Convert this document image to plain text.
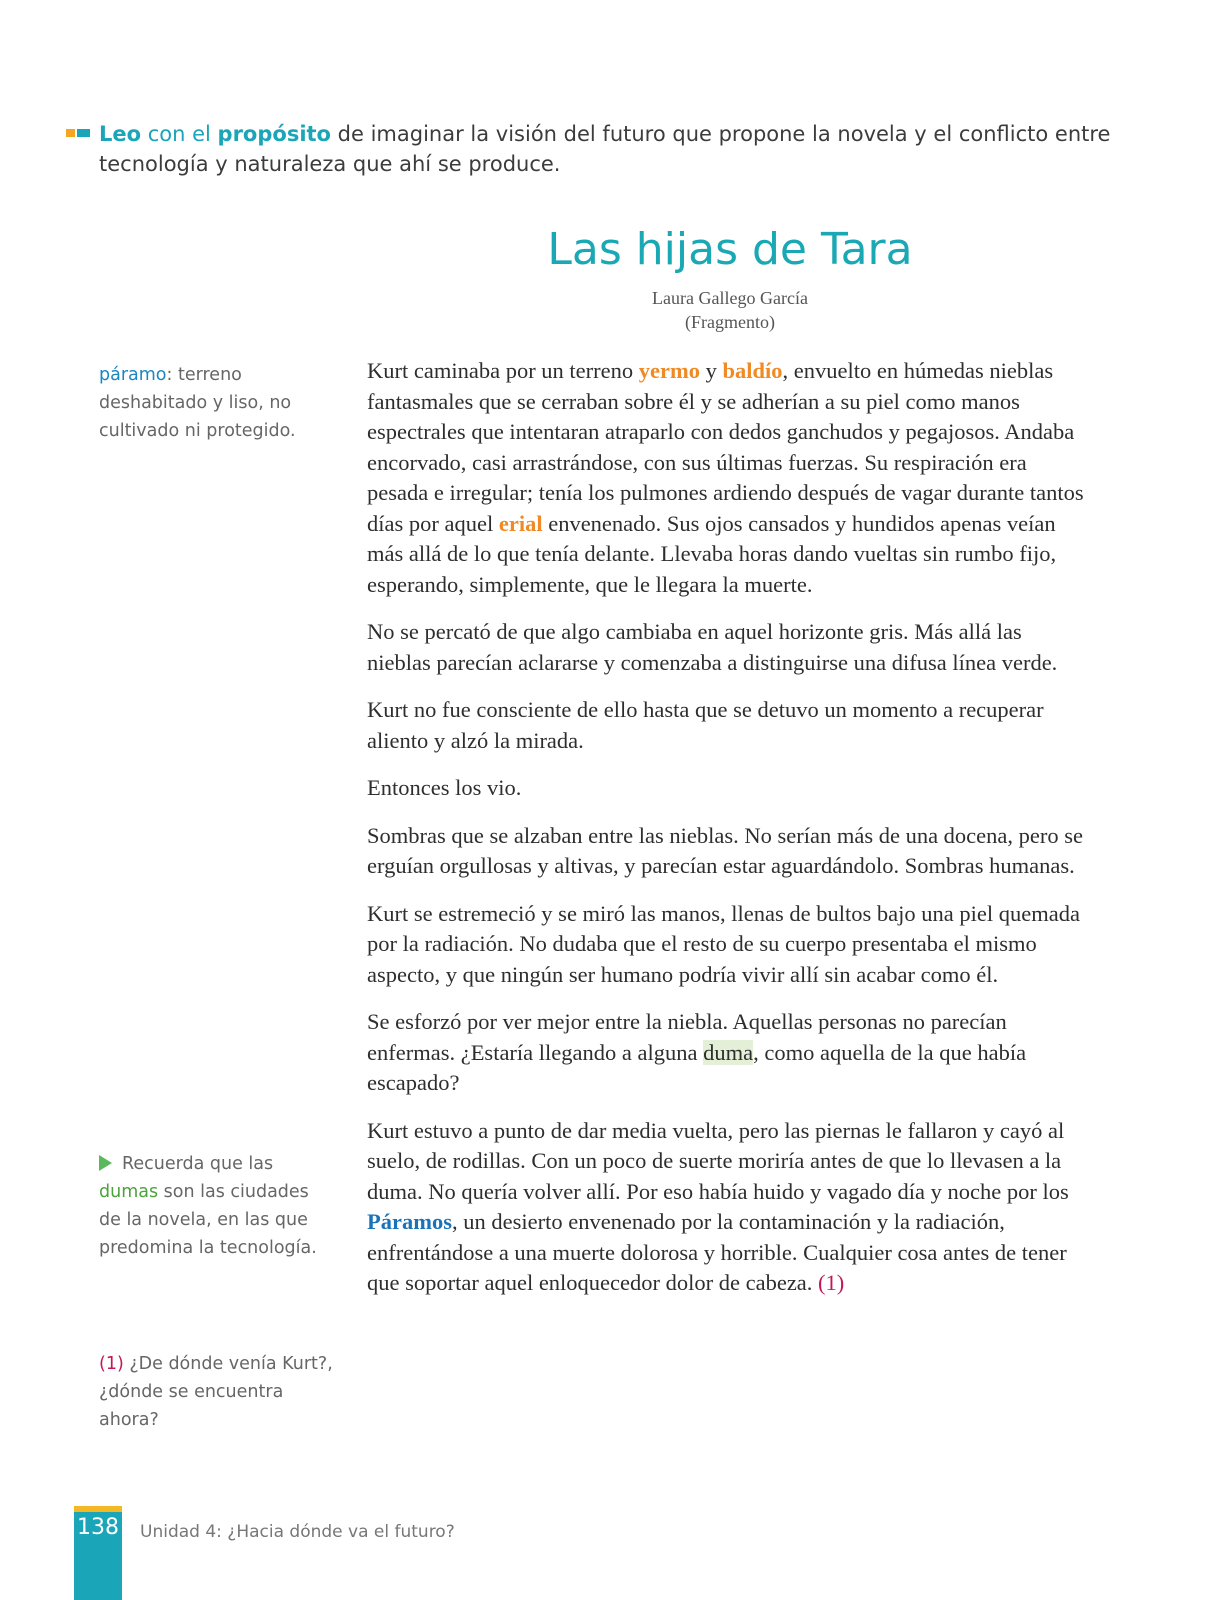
Leo con el propósito de imaginar la visión del futuro que propone la novela y el conflicto entre tecnología y naturaleza que ahí se produce.
Las hijas de Tara
Laura Gallego García
(Fragmento)
páramo: terreno deshabitado y liso, no cultivado ni protegido.
Recuerda que las dumas son las ciudades de la novela, en las que predomina la tecnología.
(1) ¿De dónde venía Kurt?, ¿dónde se encuentra ahora?

Kurt caminaba por un terreno yermo y baldío, envuelto en húmedas nieblas fantasmales que se cerraban sobre él y se adherían a su piel como manos espectrales que intentaran atraparlo con dedos ganchudos y pegajosos. Andaba encorvado, casi arrastrándose, con sus últimas fuerzas. Su respiración era pesada e irregular; tenía los pulmones ardiendo después de vagar durante tantos días por aquel erial envenenado. Sus ojos cansados y hundidos apenas veían más allá de lo que tenía delante. Llevaba horas dando vueltas sin rumbo fijo, esperando, simplemente, que le llegara la muerte.

No se percató de que algo cambiaba en aquel horizonte gris. Más allá las nieblas parecían aclararse y comenzaba a distinguirse una difusa línea verde.

Kurt no fue consciente de ello hasta que se detuvo un momento a recuperar aliento y alzó la mirada.

Entonces los vio.

Sombras que se alzaban entre las nieblas. No serían más de una docena, pero se erguían orgullosas y altivas, y parecían estar aguardándolo. Sombras humanas.

Kurt se estremeció y se miró las manos, llenas de bultos bajo una piel quemada por la radiación. No dudaba que el resto de su cuerpo presentaba el mismo aspecto, y que ningún ser humano podría vivir allí sin acabar como él.

Se esforzó por ver mejor entre la niebla. Aquellas personas no parecían enfermas. ¿Estaría llegando a alguna duma, como aquella de la que había escapado?

Kurt estuvo a punto de dar media vuelta, pero las piernas le fallaron y cayó al suelo, de rodillas. Con un poco de suerte moriría antes de que lo llevasen a la duma. No quería volver allí. Por eso había huido y vagado día y noche por los Páramos, un desierto envenenado por la contaminación y la radiación, enfrentándose a una muerte dolorosa y horrible. Cualquier cosa antes de tener que soportar aquel enloquecedor dolor de cabeza. (1)

138 Unidad 4: ¿Hacia dónde va el futuro?
